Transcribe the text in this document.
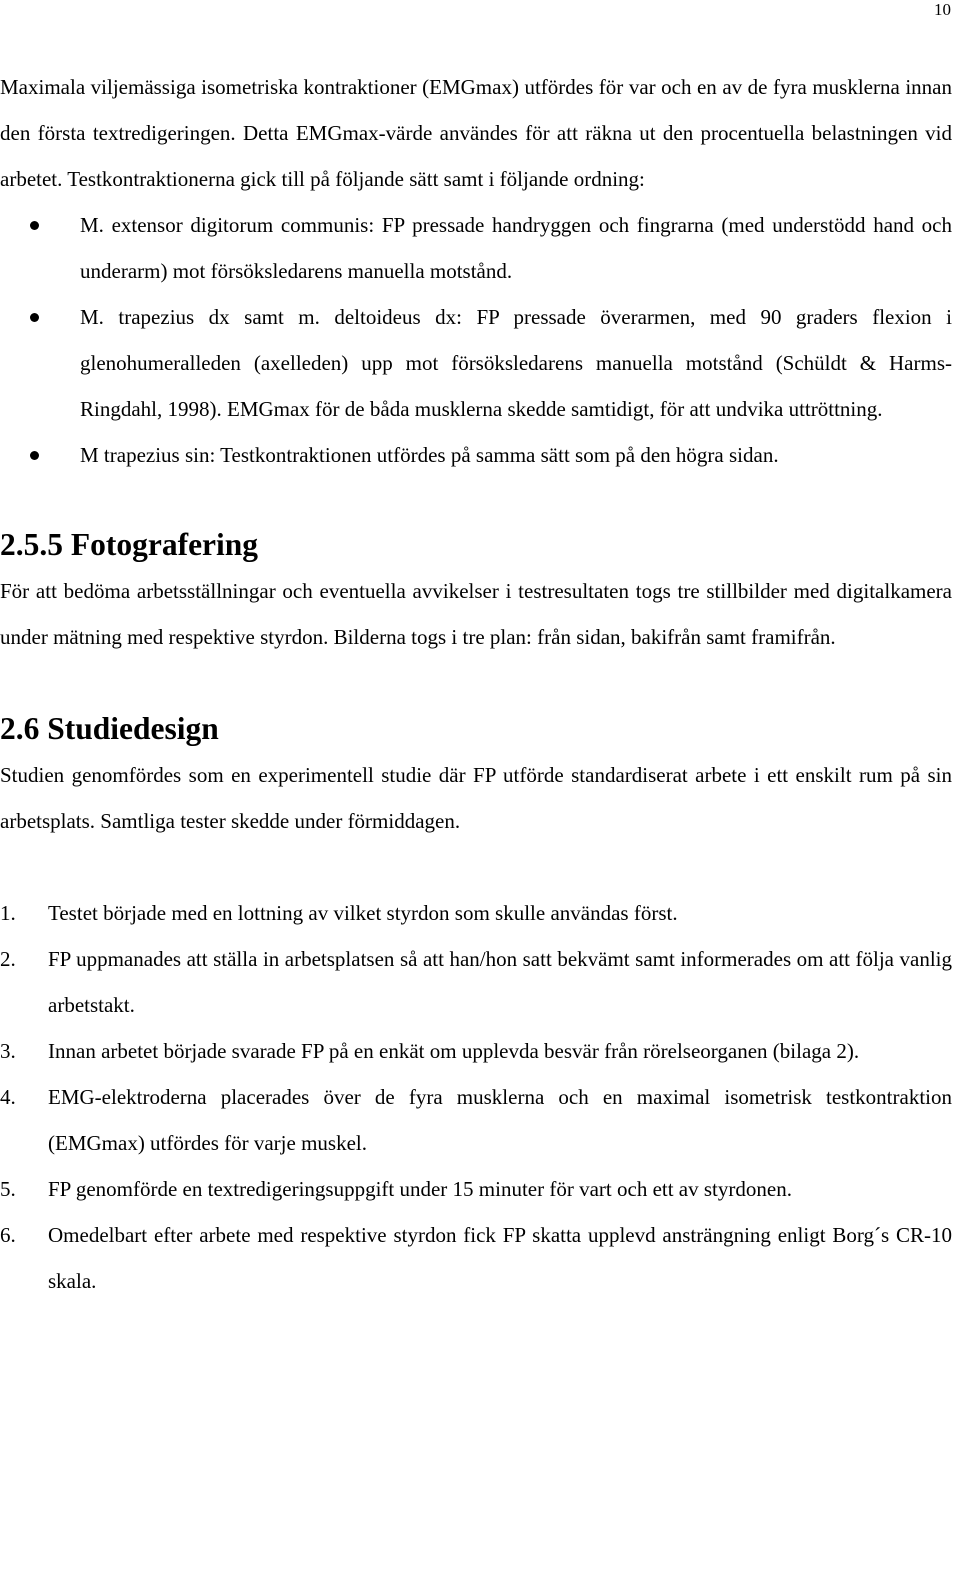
10

Maximala viljemässiga isometriska kontraktioner (EMGmax) utfördes för var och en av de fyra musklerna innan den första textredigeringen. Detta EMGmax-värde användes för att räkna ut den procentuella belastningen vid arbetet. Testkontraktionerna gick till på följande sätt samt i följande ordning:

M. extensor digitorum communis: FP pressade handryggen och fingrarna (med understödd hand och underarm) mot försöksledarens manuella motstånd.
M. trapezius dx samt m. deltoideus dx: FP pressade överarmen, med 90 graders flexion i glenohumeralleden (axelleden) upp mot försöksledarens manuella motstånd (Schüldt & Harms-Ringdahl, 1998). EMGmax för de båda musklerna skedde samtidigt, för att undvika uttröttning.
M trapezius sin: Testkontraktionen utfördes på samma sätt som på den högra sidan.
2.5.5 Fotografering

För att bedöma arbetsställningar och eventuella avvikelser i testresultaten togs tre stillbilder med digitalkamera under mätning med respektive styrdon. Bilderna togs i tre plan: från sidan, bakifrån samt framifrån.

2.6 Studiedesign

Studien genomfördes som en experimentell studie där FP utförde standardiserat arbete i ett enskilt rum på sin arbetsplats. Samtliga tester skedde under förmiddagen.

1. Testet började med en lottning av vilket styrdon som skulle användas först.
2. FP uppmanades att ställa in arbetsplatsen så att han/hon satt bekvämt samt informerades om att följa vanlig arbetstakt.
3. Innan arbetet började svarade FP på en enkät om upplevda besvär från rörelseorganen (bilaga 2).
4. EMG-elektroderna placerades över de fyra musklerna och en maximal isometrisk testkontraktion (EMGmax) utfördes för varje muskel.
5. FP genomförde en textredigeringsuppgift under 15 minuter för vart och ett av styrdonen.
6. Omedelbart efter arbete med respektive styrdon fick FP skatta upplevd ansträngning enligt Borg´s CR-10 skala.
